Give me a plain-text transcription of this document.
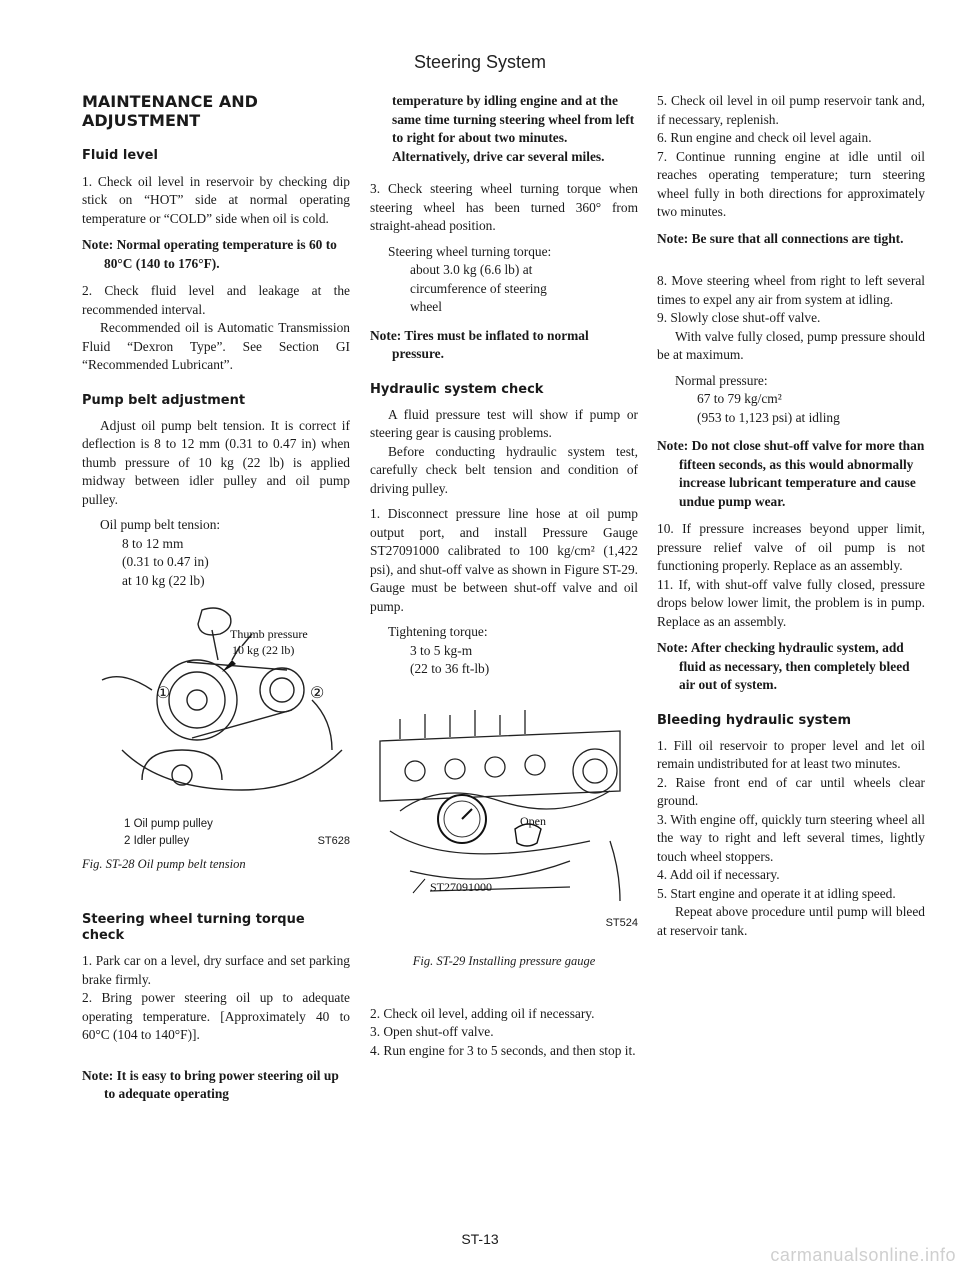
Steering System
MAINTENANCE AND ADJUSTMENT
Fluid level

1. Check oil level in reservoir by checking dip stick on “HOT” side at normal operating temperature or “COLD” side when oil is cold.

Note: Normal operating temperature is 60 to 80°C (140 to 176°F).

2. Check fluid level and leakage at the recommended interval.

Recommended oil is Automatic Transmission Fluid “Dexron Type”. See Section GI “Recommended Lubricant”.

Pump belt adjustment

Adjust oil pump belt tension. It is correct if deflection is 8 to 12 mm (0.31 to 0.47 in) when thumb pressure of 10 kg (22 lb) is applied midway between idler pulley and oil pump pulley.

Oil pump belt tension:
8 to 12 mm
(0.31 to 0.47 in)
at 10 kg (22 lb)
Thumb pressure
10 kg (22 lb)
①	②
1 Oil pump pulley
2 Idler pulley	ST628
Fig. ST-28 Oil pump belt tension
Steering wheel turning torque check

1. Park car on a level, dry surface and set parking brake firmly.

2. Bring power steering oil up to adequate operating temperature. [Approximately 40 to 60°C (104 to 140°F)].

Note: It is easy to bring power steering oil up to adequate operating

temperature by idling engine and at the same time turning steering wheel from left to right for about two minutes. Alternatively, drive car several miles.

3. Check steering wheel turning torque when steering wheel has been turned 360° from straight-ahead position.

Steering wheel turning torque:
about 3.0 kg (6.6 lb) at
circumference of steering
wheel

Note: Tires must be inflated to normal pressure.

Hydraulic system check

A fluid pressure test will show if pump or steering gear is causing problems.

Before conducting hydraulic system test, carefully check belt tension and condition of driving pulley.

1. Disconnect pressure line hose at oil pump output port, and install Pressure Gauge ST27091000 calibrated to 100 kg/cm² (1,422 psi), and shut-off valve as shown in Figure ST-29. Gauge must be between shut-off valve and oil pump.

Tightening torque:
3 to 5 kg-m
(22 to 36 ft-lb)
Open
ST27091000
ST524
Fig. ST-29 Installing pressure gauge

2. Check oil level, adding oil if necessary.

3. Open shut-off valve.

4. Run engine for 3 to 5 seconds, and then stop it.

5. Check oil level in oil pump reservoir tank and, if necessary, replenish.

6. Run engine and check oil level again.

7. Continue running engine at idle until oil reaches operating temperature; turn steering wheel fully in both directions for approximately two minutes.

Note: Be sure that all connections are tight.

8. Move steering wheel from right to left several times to expel any air from system at idling.

9. Slowly close shut-off valve.

With valve fully closed, pump pressure should be at maximum.

Normal pressure:
67 to 79 kg/cm²
(953 to 1,123 psi) at idling

Note: Do not close shut-off valve for more than fifteen seconds, as this would abnormally increase lubricant temperature and cause undue pump wear.

10. If pressure increases beyond upper limit, pressure relief valve of oil pump is not functioning properly. Replace as an assembly.

11. If, with shut-off valve fully closed, pressure drops below lower limit, the problem is in pump. Replace as an assembly.

Note: After checking hydraulic system, add fluid as necessary, then completely bleed air out of system.

Bleeding hydraulic system

1. Fill oil reservoir to proper level and let oil remain undistributed for at least two minutes.

2. Raise front end of car until wheels clear ground.

3. With engine off, quickly turn steering wheel all the way to right and left several times, lightly touch wheel stoppers.

4. Add oil if necessary.

5. Start engine and operate it at idling speed.

Repeat above procedure until pump will bleed at reservoir tank.

ST-13
carmanualsonline.info
